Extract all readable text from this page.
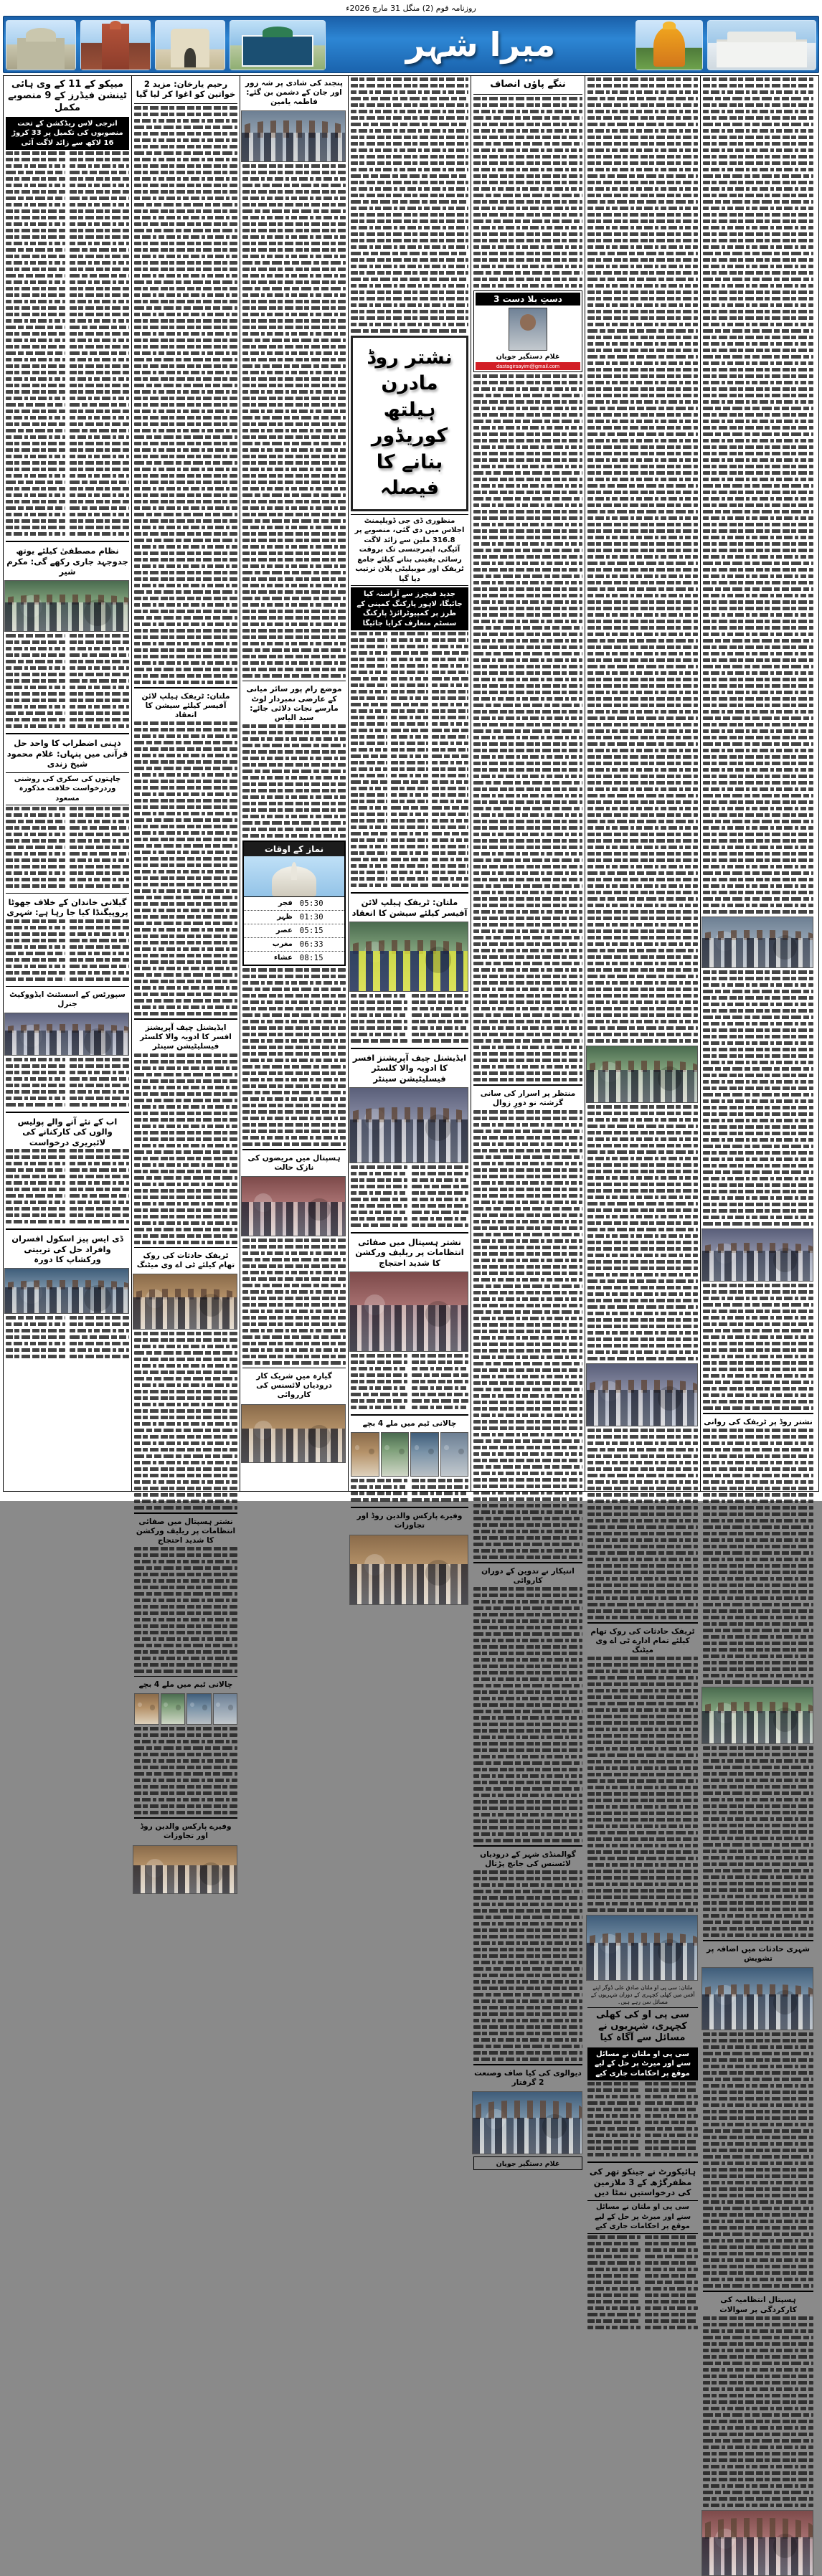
روزنامہ قوم (2) منگل 31 مارچ 2026ء
میرا شہر
میپکو کے 11 کے وی ہائی ٹینشن فیڈرز کے 9 منصوبے مکمل
انرجی لاس ریڈکشن کے تحت منصوبوں کی تکمیل پر 33 کروڑ 16 لاکھ سے زائد لاگت آئی
نظام مصطفیٰ کیلئے یوتھ جدوجہد جاری رکھے گی: مکرم شیر
ذہنی اضطراب کا واحد حل قرآنی میں پنہاں: غلام محمود شیخ زندی
چاہتوں کی سکری کی روشنی وردرخواست خلافت مذکورہ مسعود
گیلانی خاندان کے خلاف جھوٹا پروپیگنڈا کیا جا رہا ہے: شہری
سپورٹس کے اسسٹنٹ ایڈووکیٹ جنرل
اب کے نئے آنے والے پولیس والوں کی کارکنانے کی لائبریری درخواست
ڈی ایس پیز اسکول افسران وافراد حل کی تربیتی ورکشاپ کا دورہ
رحیم یارخان: مزید 2 خواتین کو اغوا کر لیا گیا
ملتان: ٹریفک ہیلپ لائن آفیسر کیلئے سیشن کا انعقاد
ایڈیشنل چیف آپریشنز افسر کا ادویہ والا کلسٹر فیسلیٹیشن سینٹر
ٹریفک حادثات کی روک تھام کیلئے ٹی اے وی میٹنگ
نشتر ہسپتال میں صفائی انتظامات پر ریلیف ورکشن کا شدید احتجاج
چالانی ٹیم میں ملے 4 بچے
وفیرے پارکس والدین روڈ اور تجاوزات
پنجند کی شادی پر شہ زور اور جان کے دشمن بن گئے: فاطمہ یامین
موضع رام پور سائر میانی کے عارضی نمبردار لوٹ مارسے نجات دلائی جائے: سید الیاس
نماز کے اوقات
05:30	فجر
01:30	ظہر
05:15	عصر
06:33	مغرب
08:15	عشاء
ہسپتال میں مریضوں کی نازک حالت
گیارہ میں شریک کار درودیاں لائسنس کی کارروائی
نشتر روڈ مادرن ہیلتھ کوریڈور بنانے کا فیصلہ
منظوری ڈی جی ڈویلپمنٹ اجلاس میں دی گئی، منصوبے پر 316.8 ملین سے زائد لاگت آئیگی، ایمرجنسی تک بروقت رسائی یقینی بنانے کیلئے جامع ٹریفک اور موبیلیٹی پلان ترتیب دیا گیا
جدید فیچرز سے آراستہ کیا جائیگا، لاہور پارکنگ کمپنی کے طرز پر کمپیوٹرائزڈ پارکنگ سسٹم متعارف کرایا جائیگا
ملتان: ٹریفک ہیلپ لائن آفیسر کیلئے سیشن کا انعقاد
ایڈیشنل چیف آپریشنز افسر کا ادویہ والا کلسٹر فیسلیٹیشن سینٹر
نشتر ہسپتال میں صفائی انتظامات پر ریلیف ورکشن کا شدید احتجاج
چالانی ٹیم میں ملے 4 بچے
وفیرے پارکس والدین روڈ اور تجاوزات
ننگے پاؤں انصاف
دستِ بلا دست 3
غلام دستگیر جویان
dastagirsayim@gmail.com
منتظر پر اسرار کی سانی گزشتہ نو دورِ زوال
انتیکار نے تدوین کے دوران کاروائی
گوالمنڈی شہر کے درودیاں لائسنس کی جانچ پڑتال
دیوالوی کی کیا صاف وصنعت 2 گرفتار
غلام دستگیر جویان
ٹریفک حادثات کی روک تھام کیلئے تمام ادارے ٹی اے وی میٹنگ
ملتان: سی پی او ملتان صادق علی ڈوگر اپنے آفس میں کھلی کچہری کے دوران شہریوں کے مسائل سن رہے ہیں۔
سی پی او کی کھلی کچہری، شہریوں نے مسائل سے آگاہ کیا
سی پی او ملتان نے مسائل سنے اور میرٹ پر حل کے لیے موقع پر احکامات جاری کیے
ہائیکورٹ نے جینکو تھر کی مظفرگڑھ کے 3 ملازمین کی درخواستیں نمٹا دیں
سی پی او ملتان نے مسائل سنے اور میرٹ پر حل کے لیے موقع پر احکامات جاری کیے
نشتر روڈ پر ٹریفک کی روانی
شہری حادثات میں اضافہ پر تشویش
ہسپتال انتظامیہ کی کارکردگی پر سوالات
